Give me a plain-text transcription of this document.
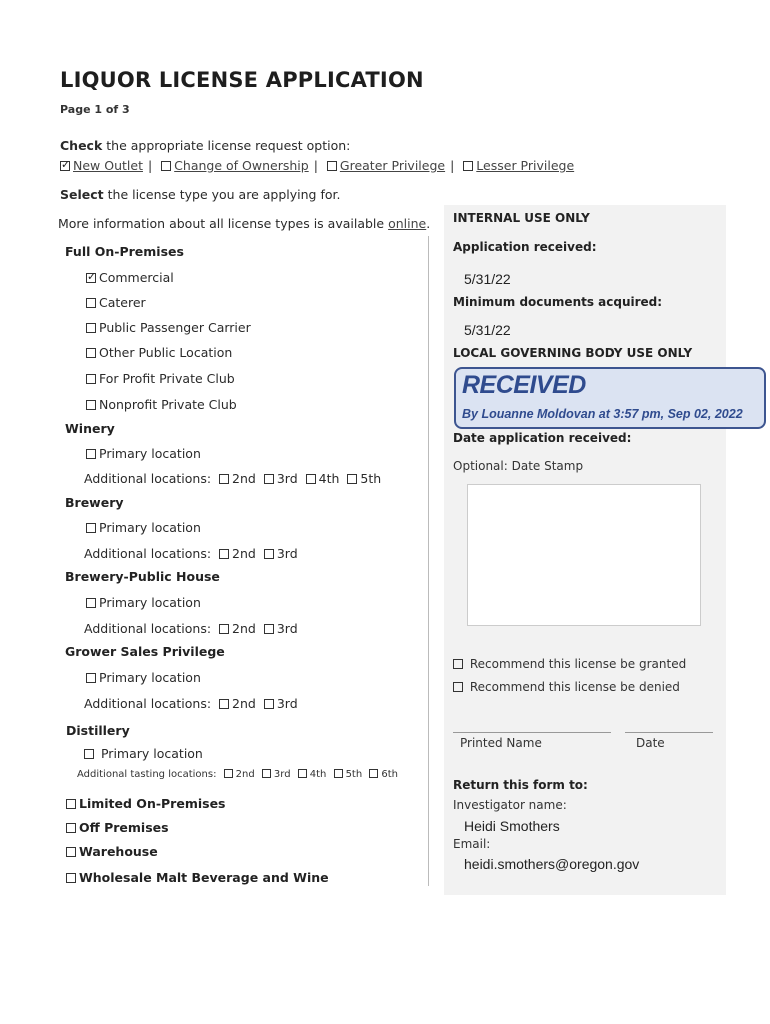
LIQUOR LICENSE APPLICATION
Page 1 of 3
Check the appropriate license request option:
✓New Outlet | Change of Ownership | Greater Privilege | Lesser Privilege
Select the license type you are applying for.
More information about all license types is available online.
Full On-Premises
✓Commercial
Caterer
Public Passenger Carrier
Other Public Location
For Profit Private Club
Nonprofit Private Club
Winery
Primary location
Additional locations: 2nd 3rd 4th 5th
Brewery
Primary location
Additional locations: 2nd 3rd
Brewery-Public House
Primary location
Additional locations: 2nd 3rd
Grower Sales Privilege
Primary location
Additional locations: 2nd 3rd
Distillery
Primary location
Additional tasting locations: 2nd 3rd 4th 5th 6th
Limited On-Premises
Off Premises
Warehouse
Wholesale Malt Beverage and Wine
INTERNAL USE ONLY
Application received:
5/31/22
Minimum documents acquired:
5/31/22
LOCAL GOVERNING BODY USE ONLY
Date application received:
Optional: Date Stamp
RECEIVED
By Louanne Moldovan at 3:57 pm, Sep 02, 2022
Recommend this license be granted
Recommend this license be denied
Printed Name	Date
Return this form to:
Investigator name:
Heidi Smothers
Email:
heidi.smothers@oregon.gov
